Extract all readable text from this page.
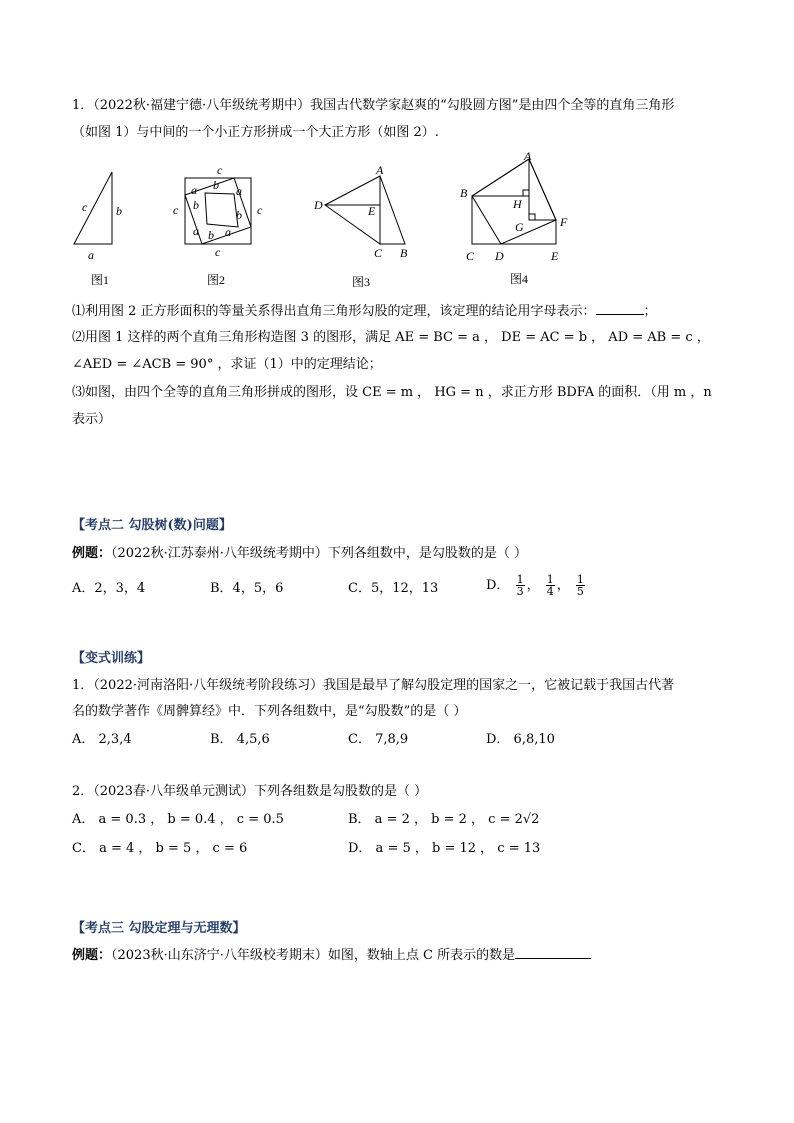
1．（2022秋·福建宁德·八年级统考期中）我国古代数学家赵爽的“勾股圆方图”是由四个全等的直角三角形
（如图 1）与中间的一个小正方形拼成一个大正方形（如图 2）.
c b
a
图1
c
c	c
c
a b a
b
b
a b a
图2
A
D	E
C B
图3
A
B
H
G	F
C D	E
图4
⑴利用图 2 正方形面积的等量关系得出直角三角形勾股的定理，该定理的结论用字母表示：	；
⑵用图 1 这样的两个直角三角形构造图 3 的图形，满足 AE = BC = a ， DE = AC = b ， AD = AB = c ，
∠AED = ∠ACB = 90° ，求证（1）中的定理结论；
⑶如图，由四个全等的直角三角形拼成的图形，设 CE = m ， HG = n ，求正方形 BDFA 的面积．（用 m ，n
表示）
【考点二 勾股树(数)问题】
例题：（2022秋·江苏泰州·八年级统考期中）下列各组数中，是勾股数的是（ ）
A．2，3，4	B．4，5，6	C．5，12，13	D． $\frac{1}{3}$ ， $\frac{1}{4}$ ， $\frac{1}{5}$
【变式训练】
1．（2022·河南洛阳·八年级统考阶段练习）我国是最早了解勾股定理的国家之一，它被记载于我国古代著
名的数学著作《周髀算经》中．下列各组数中，是“勾股数”的是（ ）
A． 2,3,4	B． 4,5,6	C． 7,8,9	D． 6,8,10
2．（2023春·八年级单元测试）下列各组数是勾股数的是（ ）
A． a = 0.3 ， b = 0.4 ， c = 0.5	B． a = 2 ， b = 2 ， c = 2√2
C． a = 4 ， b = 5 ， c = 6	D． a = 5 ， b = 12 ， c = 13
【考点三 勾股定理与无理数】
例题：（2023秋·山东济宁·八年级校考期末）如图，数轴上点 C 所表示的数是
